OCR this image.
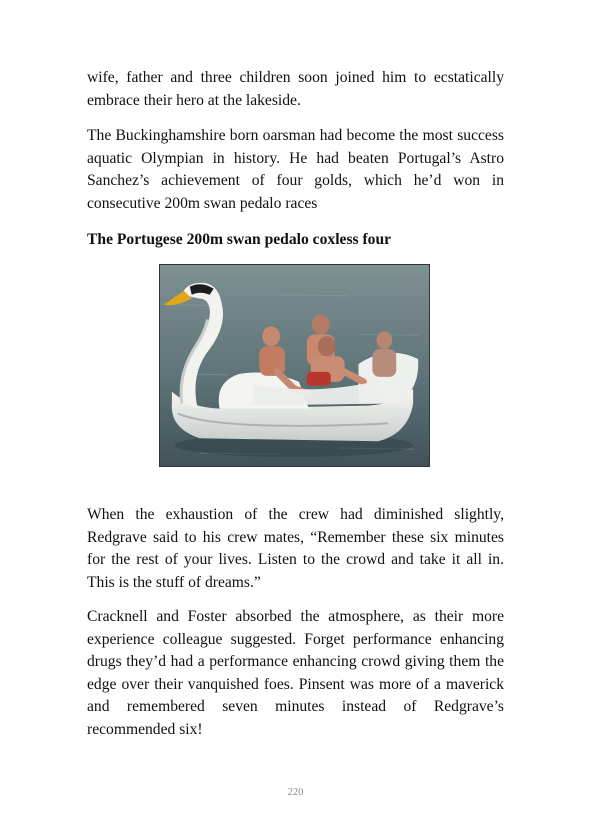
wife, father and three children soon joined him to ecstatically embrace their hero at the lakeside.

The Buckinghamshire born oarsman had become the most success aquatic Olympian in history. He had beaten Portugal’s Astro Sanchez’s achievement of four golds, which he’d won in consecutive 200m swan pedalo races

The Portugese 200m swan pedalo coxless four

When the exhaustion of the crew had diminished slightly, Redgrave said to his crew mates, “Remember these six minutes for the rest of your lives. Listen to the crowd and take it all in. This is the stuff of dreams.”

Cracknell and Foster absorbed the atmosphere, as their more experience colleague suggested. Forget performance enhancing drugs they’d had a performance enhancing crowd giving them the edge over their vanquished foes. Pinsent was more of a maverick and remembered seven minutes instead of Redgrave’s recommended six!

220
